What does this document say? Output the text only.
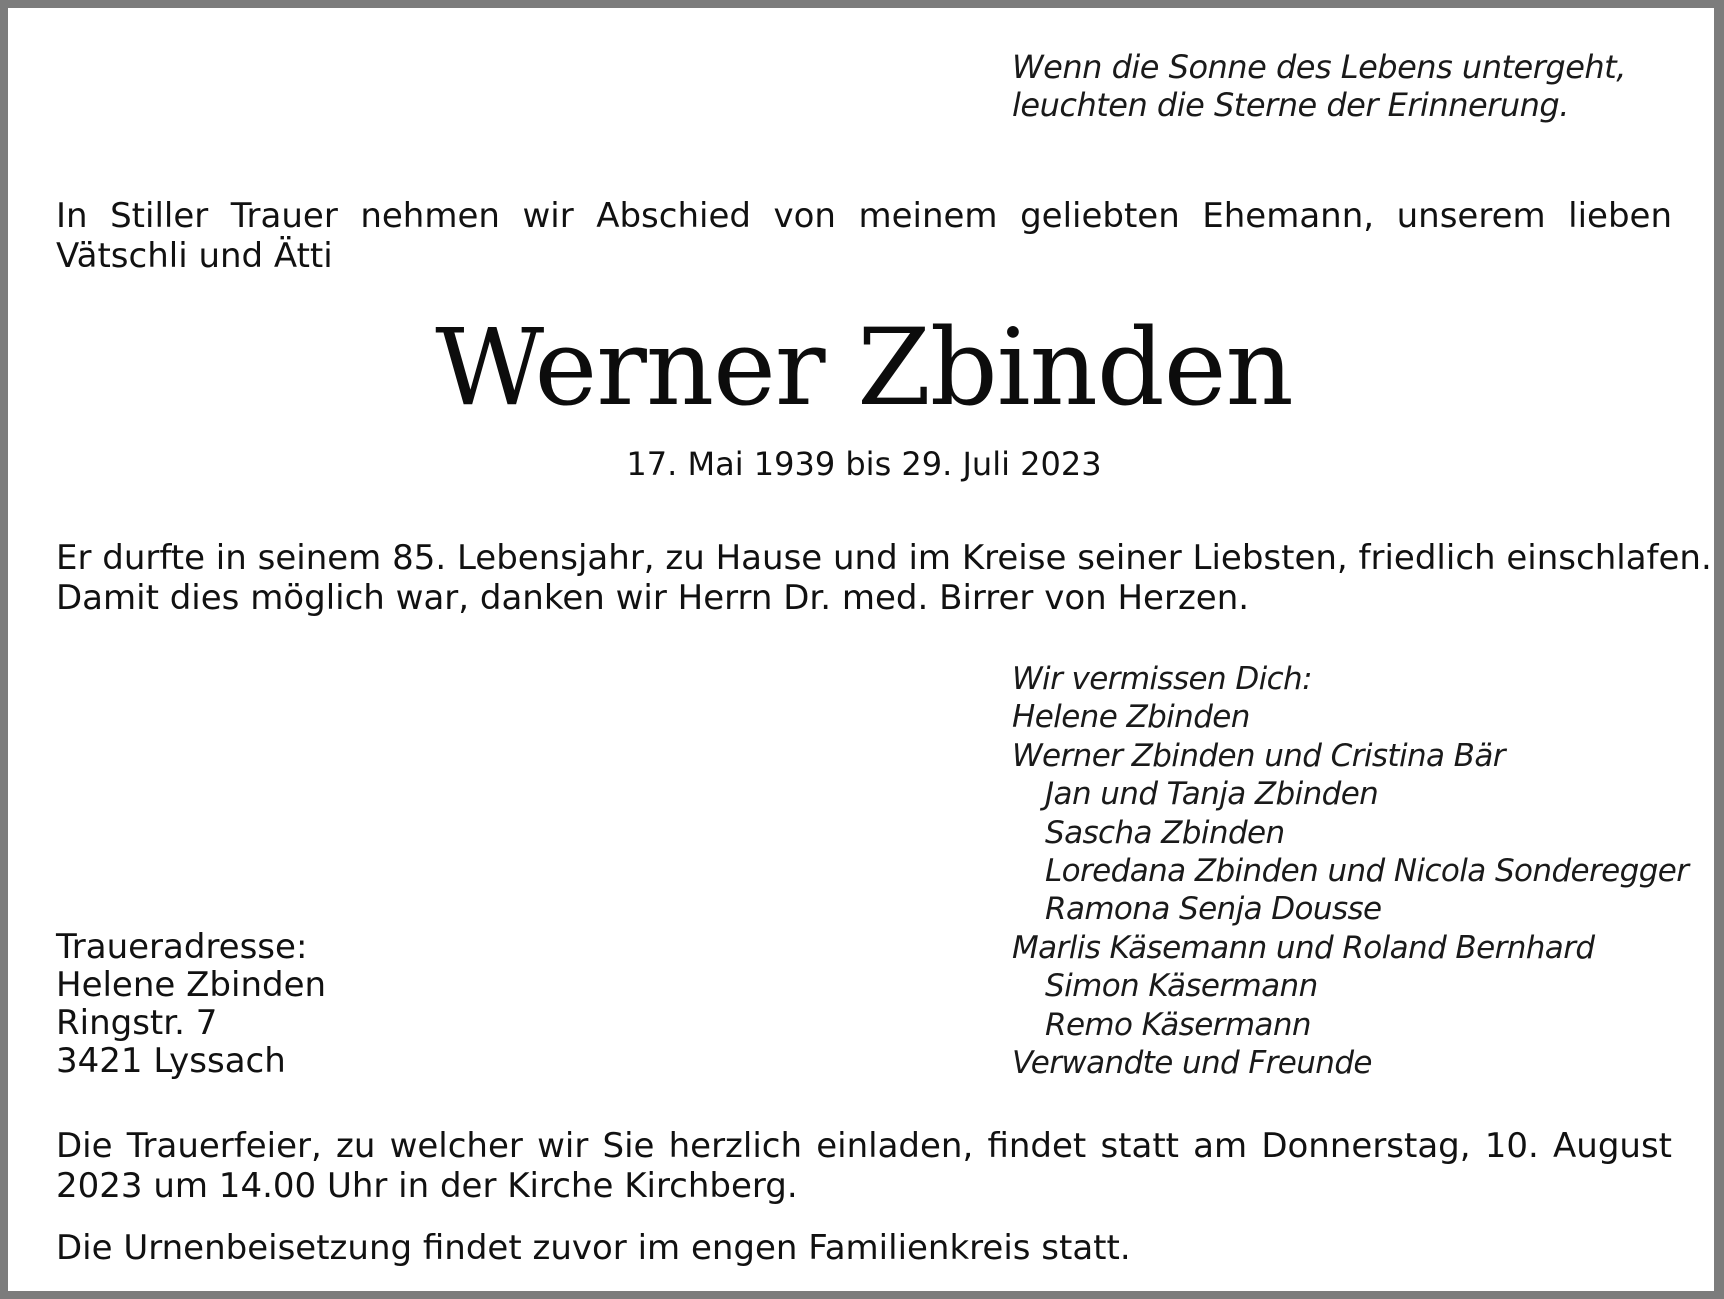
Wenn die Sonne des Lebens untergeht,
leuchten die Sterne der Erinnerung.
In Stiller Trauer nehmen wir Abschied von meinem geliebten Ehemann, unserem lieben Vätschli und Ätti
Werner Zbinden
17. Mai 1939 bis 29. Juli 2023
Er durfte in seinem 85. Lebensjahr, zu Hause und im Kreise seiner Liebsten, friedlich einschlafen.
Damit dies möglich war, danken wir Herrn Dr. med. Birrer von Herzen.
Wir vermissen Dich:
Helene Zbinden
Werner Zbinden und Cristina Bär
Jan und Tanja Zbinden
Sascha Zbinden
Loredana Zbinden und Nicola Sonderegger
Ramona Senja Dousse
Marlis Käsemann und Roland Bernhard
Simon Käsermann
Remo Käsermann
Verwandte und Freunde
Traueradresse:
Helene Zbinden
Ringstr. 7
3421 Lyssach
Die Trauerfeier, zu welcher wir Sie herzlich einladen, findet statt am Donnerstag, 10. August 2023 um 14.00 Uhr in der Kirche Kirchberg.
Die Urnenbeisetzung findet zuvor im engen Familienkreis statt.
